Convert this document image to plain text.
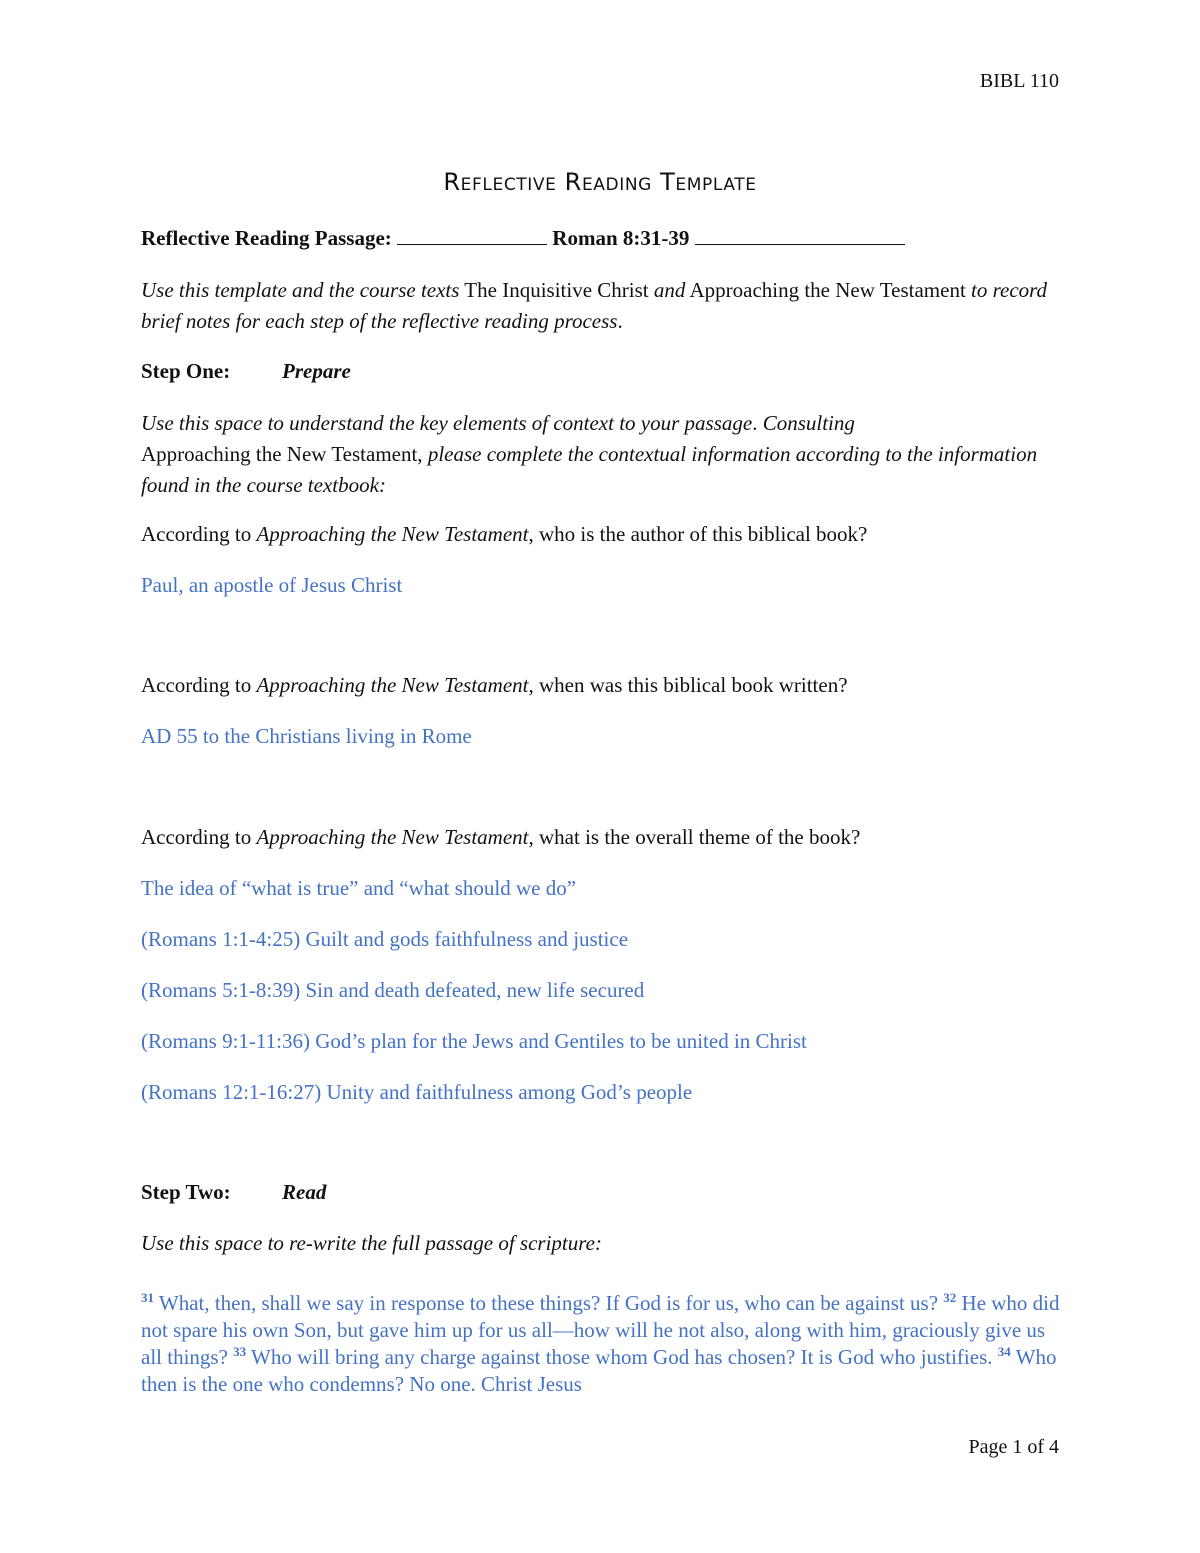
BIBL 110
Reflective Reading Template
Reflective Reading Passage:	Roman 8:31-39
Use this template and the course texts The Inquisitive Christ and Approaching the New Testament to record brief notes for each step of the reflective reading process.
Step One: Prepare
Use this space to understand the key elements of context to your passage. Consulting
Approaching the New Testament, please complete the contextual information according to the information found in the course textbook:
According to Approaching the New Testament, who is the author of this biblical book?
Paul, an apostle of Jesus Christ
According to Approaching the New Testament, when was this biblical book written?
AD 55 to the Christians living in Rome
According to Approaching the New Testament, what is the overall theme of the book?
The idea of “what is true” and “what should we do”
(Romans 1:1-4:25) Guilt and gods faithfulness and justice
(Romans 5:1-8:39) Sin and death defeated, new life secured
(Romans 9:1-11:36) God’s plan for the Jews and Gentiles to be united in Christ
(Romans 12:1-16:27) Unity and faithfulness among God’s people
Step Two: Read
Use this space to re-write the full passage of scripture:
$^{31}$ What, then, shall we say in response to these things? If God is for us, who can be against us? $^{32}$ He who did not spare his own Son, but gave him up for us all—how will he not also, along with him, graciously give us all things? $^{33}$ Who will bring any charge against those whom God has chosen? It is God who justifies. $^{34}$ Who then is the one who condemns? No one. Christ Jesus
Page 1 of 4
